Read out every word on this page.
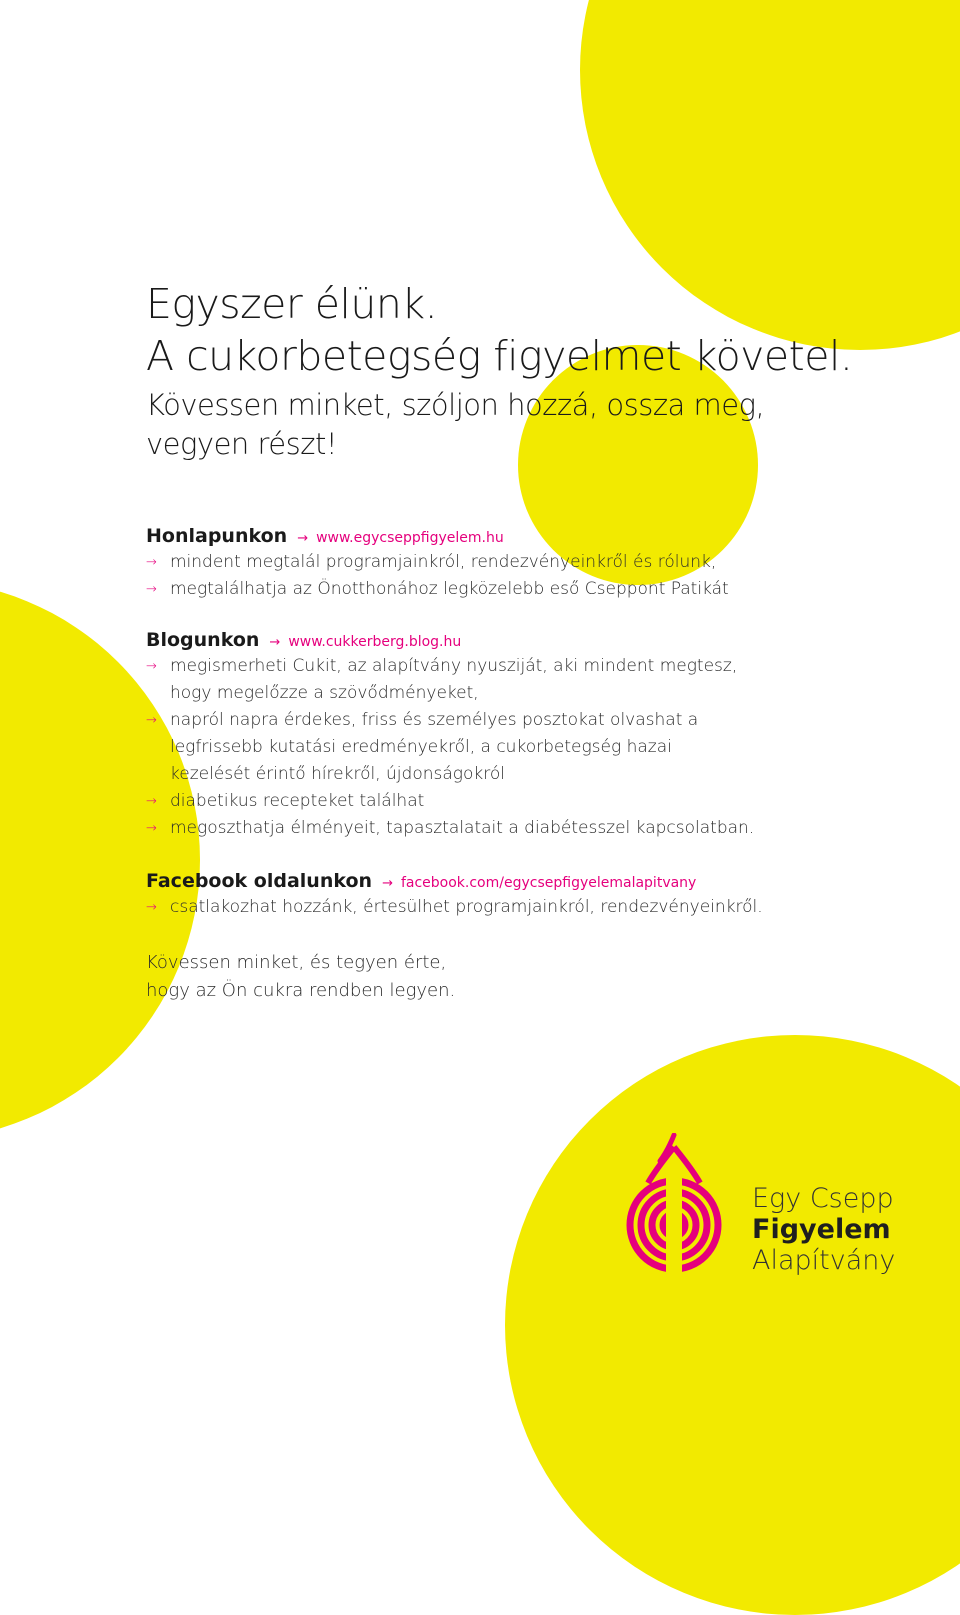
Egyszer élünk.
A cukorbetegség figyelmet követel.
Kövessen minket, szóljon hozzá, ossza meg,
vegyen részt!
Honlapunkon → www.egycseppfigyelem.hu
→ mindent megtalál programjainkról, rendezvényeinkről és rólunk,
→ megtalálhatja az Önotthonához legközelebb eső Cseppont Patikát
Blogunkon → www.cukkerberg.blog.hu
→ megismerheti Cukit, az alapítvány nyusziját, aki mindent megtesz, hogy megelőzze a szövődményeket,
→ napról napra érdekes, friss és személyes posztokat olvashat a legfrissebb kutatási eredményekről, a cukorbetegség hazai kezelését érintő hírekről, újdonságokról
→ diabetikus recepteket találhat
→ megoszthatja élményeit, tapasztalatait a diabétesszel kapcsolatban.
Facebook oldalunkon → facebook.com/egycsepfigyelemalapitvany
→ csatlakozhat hozzánk, értesülhet programjainkról, rendezvényeinkről.
Kövessen minket, és tegyen érte,
hogy az Ön cukra rendben legyen.
Egy Csepp
Figyelem
Alapítvány
